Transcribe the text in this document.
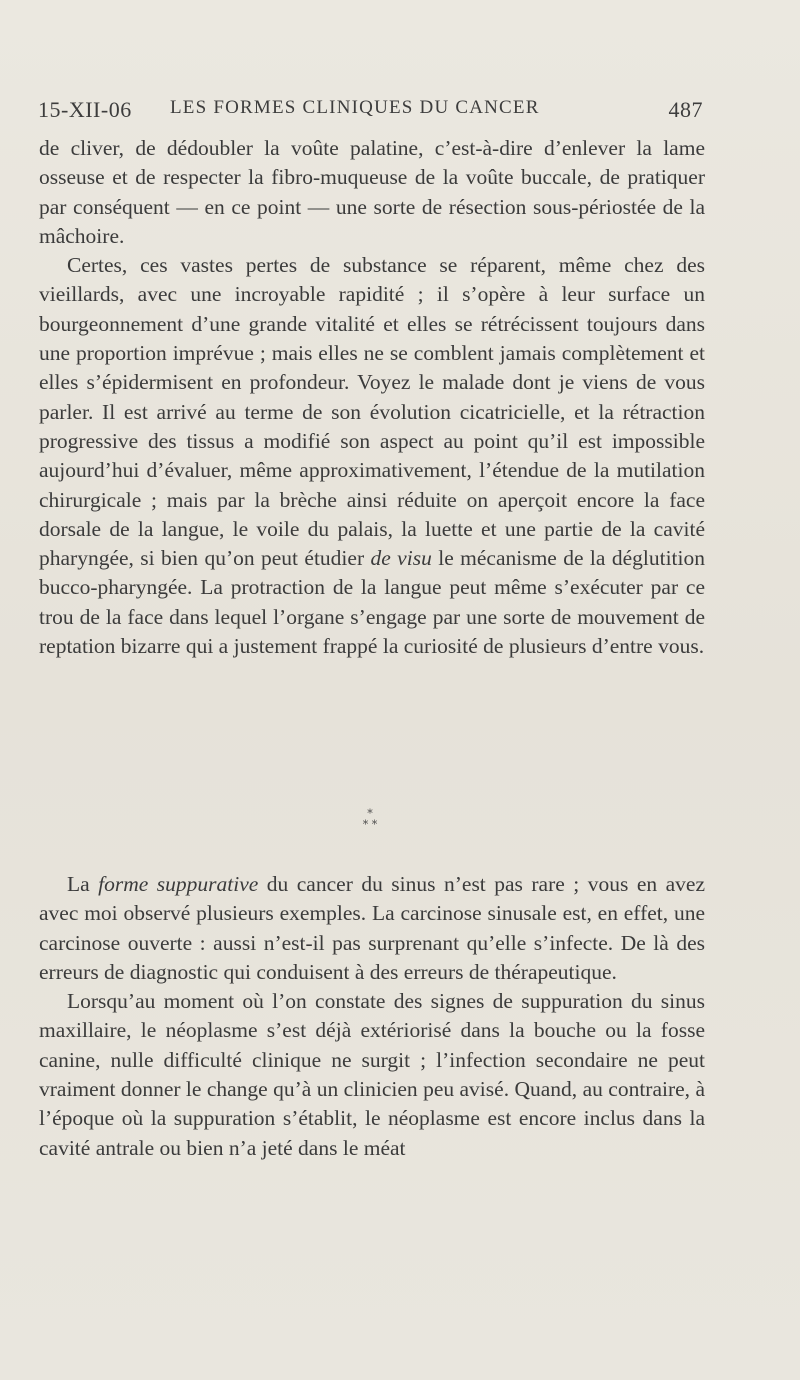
15-XII-06 LES FORMES CLINIQUES DU CANCER	487

de cliver, de dédoubler la voûte palatine, c’est-à-dire d’enlever la lame osseuse et de respecter la fibro-muqueuse de la voûte buccale, de pratiquer par conséquent — en ce point — une sorte de résection sous-périostée de la mâchoire.

Certes, ces vastes pertes de substance se réparent, même chez des vieillards, avec une incroyable rapidité ; il s’opère à leur surface un bourgeonnement d’une grande vitalité et elles se rétrécissent toujours dans une proportion imprévue ; mais elles ne se comblent jamais complètement et elles s’épidermisent en profondeur. Voyez le malade dont je viens de vous parler. Il est arrivé au terme de son évolution cicatricielle, et la rétraction progressive des tissus a modifié son aspect au point qu’il est impossible aujourd’hui d’évaluer, même approximativement, l’étendue de la mutilation chirurgicale ; mais par la brèche ainsi réduite on aperçoit encore la face dorsale de la langue, le voile du palais, la luette et une partie de la cavité pharyngée, si bien qu’on peut étudier de visu le mécanisme de la déglutition bucco-pharyngée. La protraction de la langue peut même s’exécuter par ce trou de la face dans lequel l’organe s’engage par une sorte de mouvement de reptation bizarre qui a justement frappé la curiosité de plusieurs d’entre vous.

*
* *

La forme suppurative du cancer du sinus n’est pas rare ; vous en avez avec moi observé plusieurs exemples. La carcinose sinusale est, en effet, une carcinose ouverte : aussi n’est-il pas surprenant qu’elle s’infecte. De là des erreurs de diagnostic qui conduisent à des erreurs de thérapeutique.

Lorsqu’au moment où l’on constate des signes de suppuration du sinus maxillaire, le néoplasme s’est déjà extériorisé dans la bouche ou la fosse canine, nulle difficulté clinique ne surgit ; l’infection secondaire ne peut vraiment donner le change qu’à un clinicien peu avisé. Quand, au contraire, à l’époque où la suppuration s’établit, le néoplasme est encore inclus dans la cavité antrale ou bien n’a jeté dans le méat
